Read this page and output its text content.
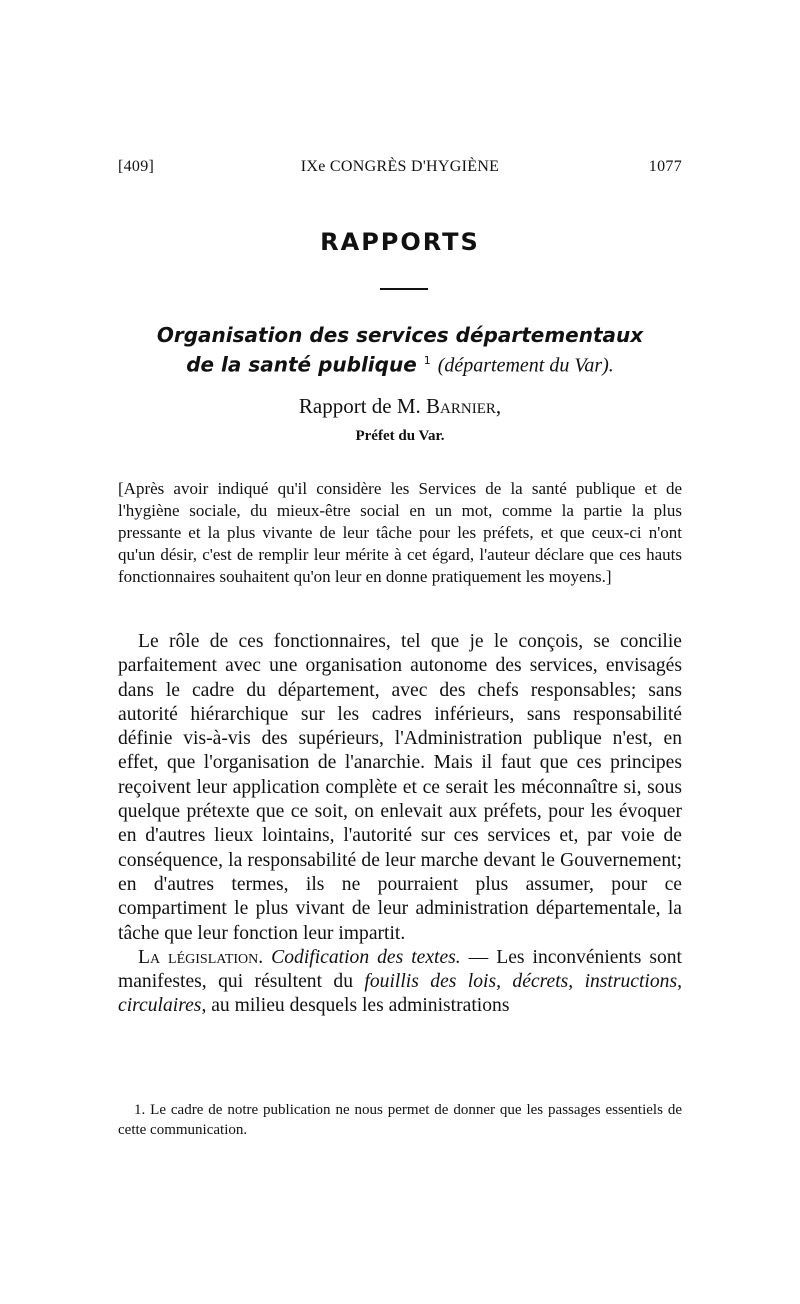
[409]	IXe CONGRÈS D'HYGIÈNE	1077
RAPPORTS
Organisation des services départementaux
de la santé publique $^1$ (département du Var).
Rapport de M. Barnier,
Préfet du Var.
[Après avoir indiqué qu'il considère les Services de la santé publique et de l'hygiène sociale, du mieux-être social en un mot, comme la partie la plus pressante et la plus vivante de leur tâche pour les préfets, et que ceux-ci n'ont qu'un désir, c'est de remplir leur mérite à cet égard, l'auteur déclare que ces hauts fonctionnaires souhaitent qu'on leur en donne pratiquement les moyens.]

Le rôle de ces fonctionnaires, tel que je le conçois, se concilie parfaitement avec une organisation autonome des services, envisagés dans le cadre du département, avec des chefs responsables; sans autorité hiérarchique sur les cadres inférieurs, sans responsabilité définie vis-à-vis des supérieurs, l'Administration publique n'est, en effet, que l'organisation de l'anarchie. Mais il faut que ces principes reçoivent leur application complète et ce serait les méconnaître si, sous quelque prétexte que ce soit, on enlevait aux préfets, pour les évoquer en d'autres lieux lointains, l'autorité sur ces services et, par voie de conséquence, la responsabilité de leur marche devant le Gouvernement; en d'autres termes, ils ne pourraient plus assumer, pour ce compartiment le plus vivant de leur administration départementale, la tâche que leur fonction leur impartit.

La législation. Codification des textes. — Les inconvénients sont manifestes, qui résultent du fouillis des lois, décrets, instructions, circulaires, au milieu desquels les administrations

1. Le cadre de notre publication ne nous permet de donner que les passages essentiels de cette communication.
